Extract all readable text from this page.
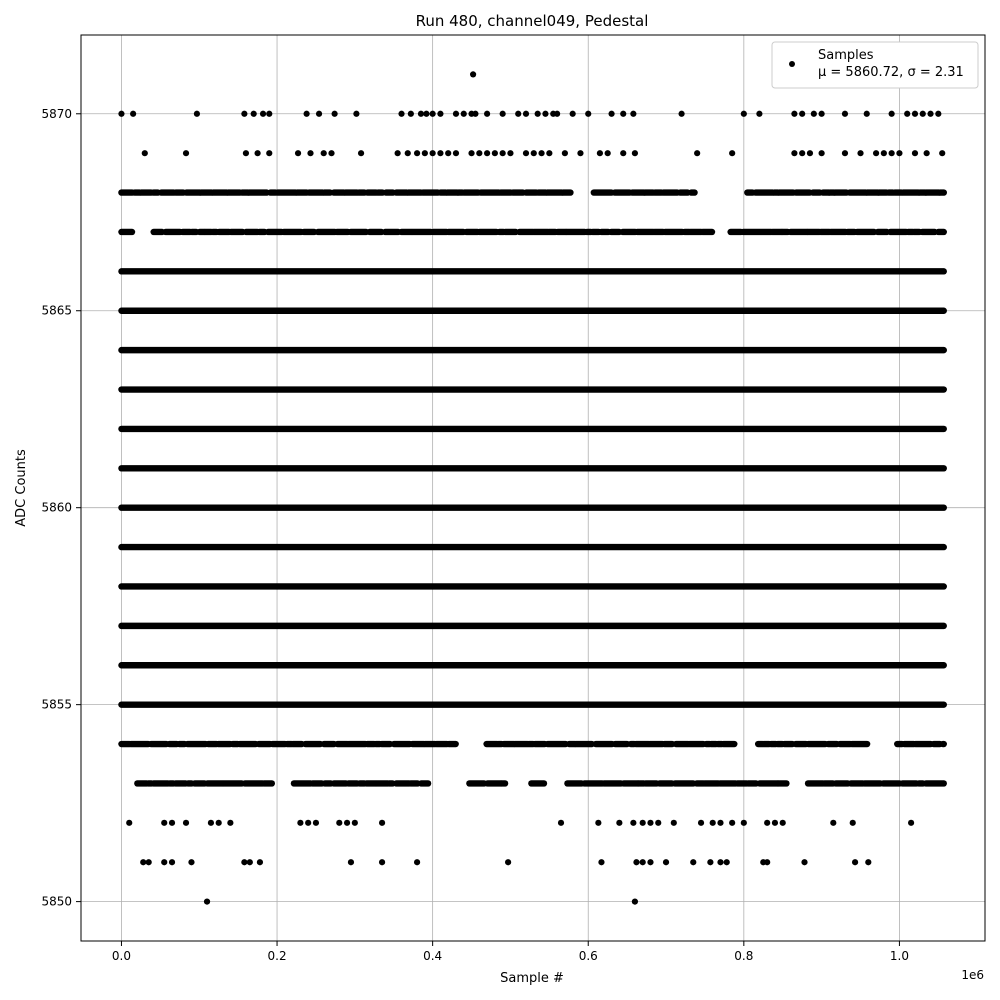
Run 480, channel049, Pedestal
0.0	0.2	0.4	0.6	0.8	1.0
5850
5855
5860
5865
5870
Sample #
ADC Counts
1e6
Samples
μ = 5860.72, σ = 2.31
